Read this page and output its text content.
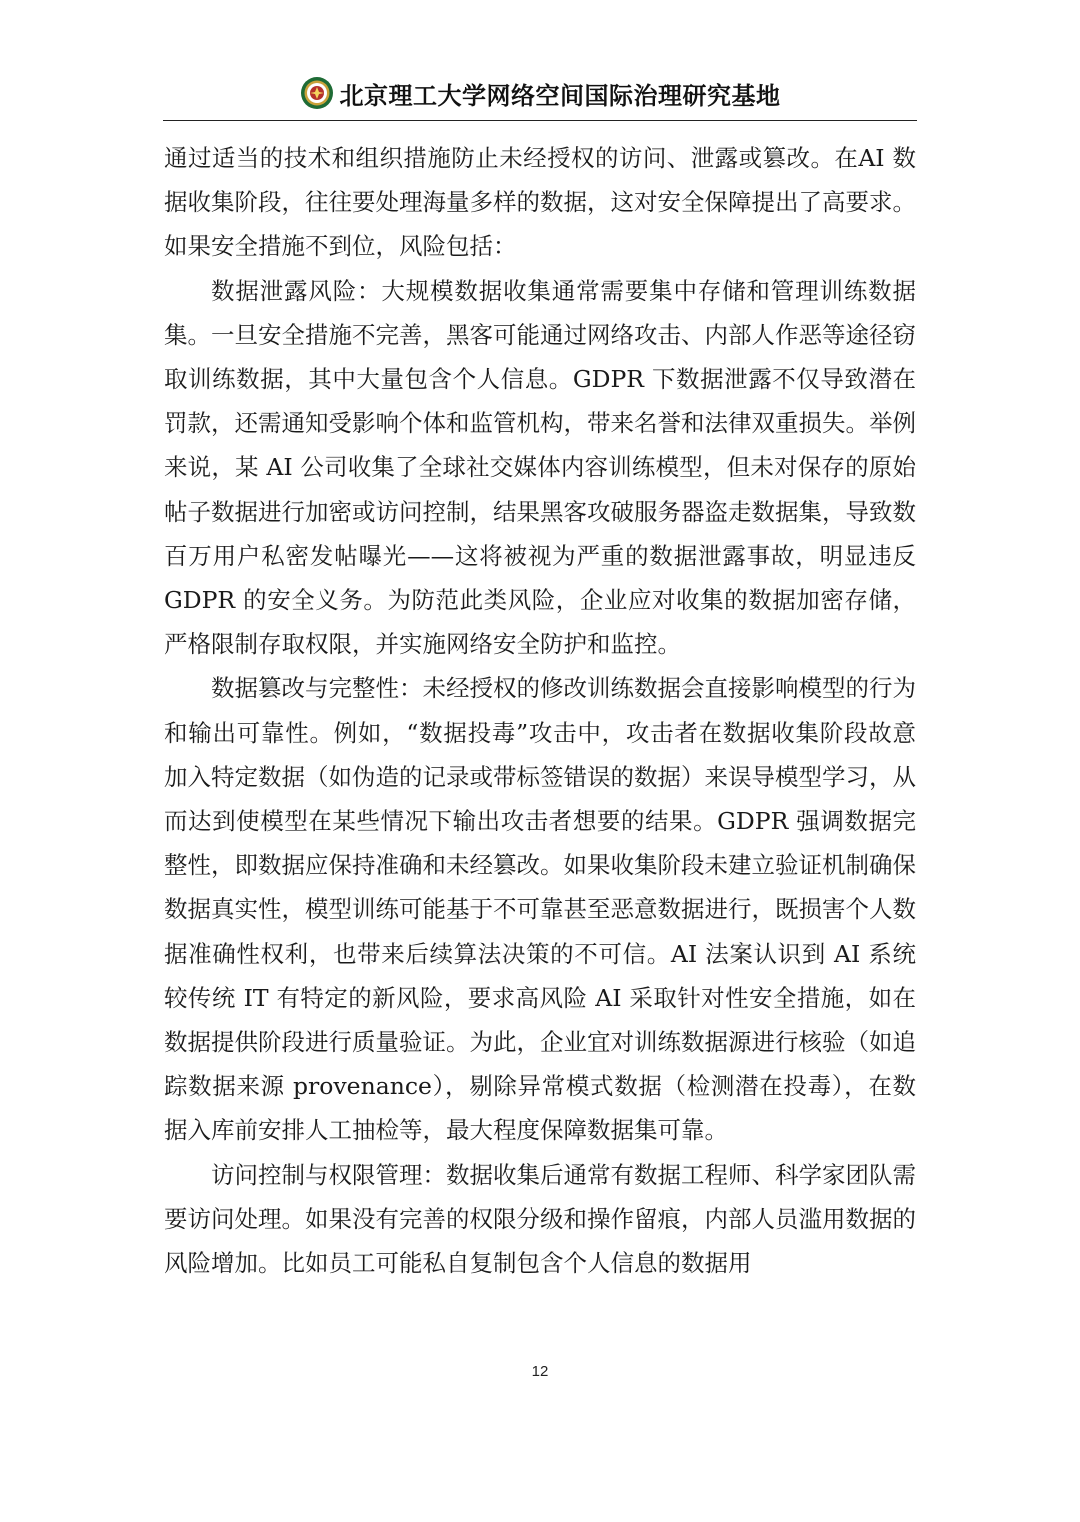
北京理工大学网络空间国际治理研究基地

通过适当的技术和组织措施防止未经授权的访问、泄露或篡改。在AI 数据收集阶段，往往要处理海量多样的数据，这对安全保障提出了高要求。如果安全措施不到位，风险包括：

数据泄露风险：大规模数据收集通常需要集中存储和管理训练数据集。一旦安全措施不完善，黑客可能通过网络攻击、内部人作恶等途径窃取训练数据，其中大量包含个人信息。GDPR 下数据泄露不仅导致潜在罚款，还需通知受影响个体和监管机构，带来名誉和法律双重损失。举例来说，某 AI 公司收集了全球社交媒体内容训练模型，但未对保存的原始帖子数据进行加密或访问控制，结果黑客攻破服务器盗走数据集，导致数百万用户私密发帖曝光——这将被视为严重的数据泄露事故，明显违反 GDPR 的安全义务。为防范此类风险，企业应对收集的数据加密存储，严格限制存取权限，并实施网络安全防护和监控。

数据篡改与完整性：未经授权的修改训练数据会直接影响模型的行为和输出可靠性。例如，“数据投毒”攻击中，攻击者在数据收集阶段故意加入特定数据（如伪造的记录或带标签错误的数据）来误导模型学习，从而达到使模型在某些情况下输出攻击者想要的结果。GDPR 强调数据完整性，即数据应保持准确和未经篡改。如果收集阶段未建立验证机制确保数据真实性，模型训练可能基于不可靠甚至恶意数据进行，既损害个人数据准确性权利，也带来后续算法决策的不可信。AI 法案认识到 AI 系统较传统 IT 有特定的新风险，要求高风险 AI 采取针对性安全措施，如在数据提供阶段进行质量验证。为此，企业宜对训练数据源进行核验（如追踪数据来源 provenance），剔除异常模式数据（检测潜在投毒），在数据入库前安排人工抽检等，最大程度保障数据集可靠。

访问控制与权限管理：数据收集后通常有数据工程师、科学家团队需要访问处理。如果没有完善的权限分级和操作留痕，内部人员滥用数据的风险增加。比如员工可能私自复制包含个人信息的数据用

12
